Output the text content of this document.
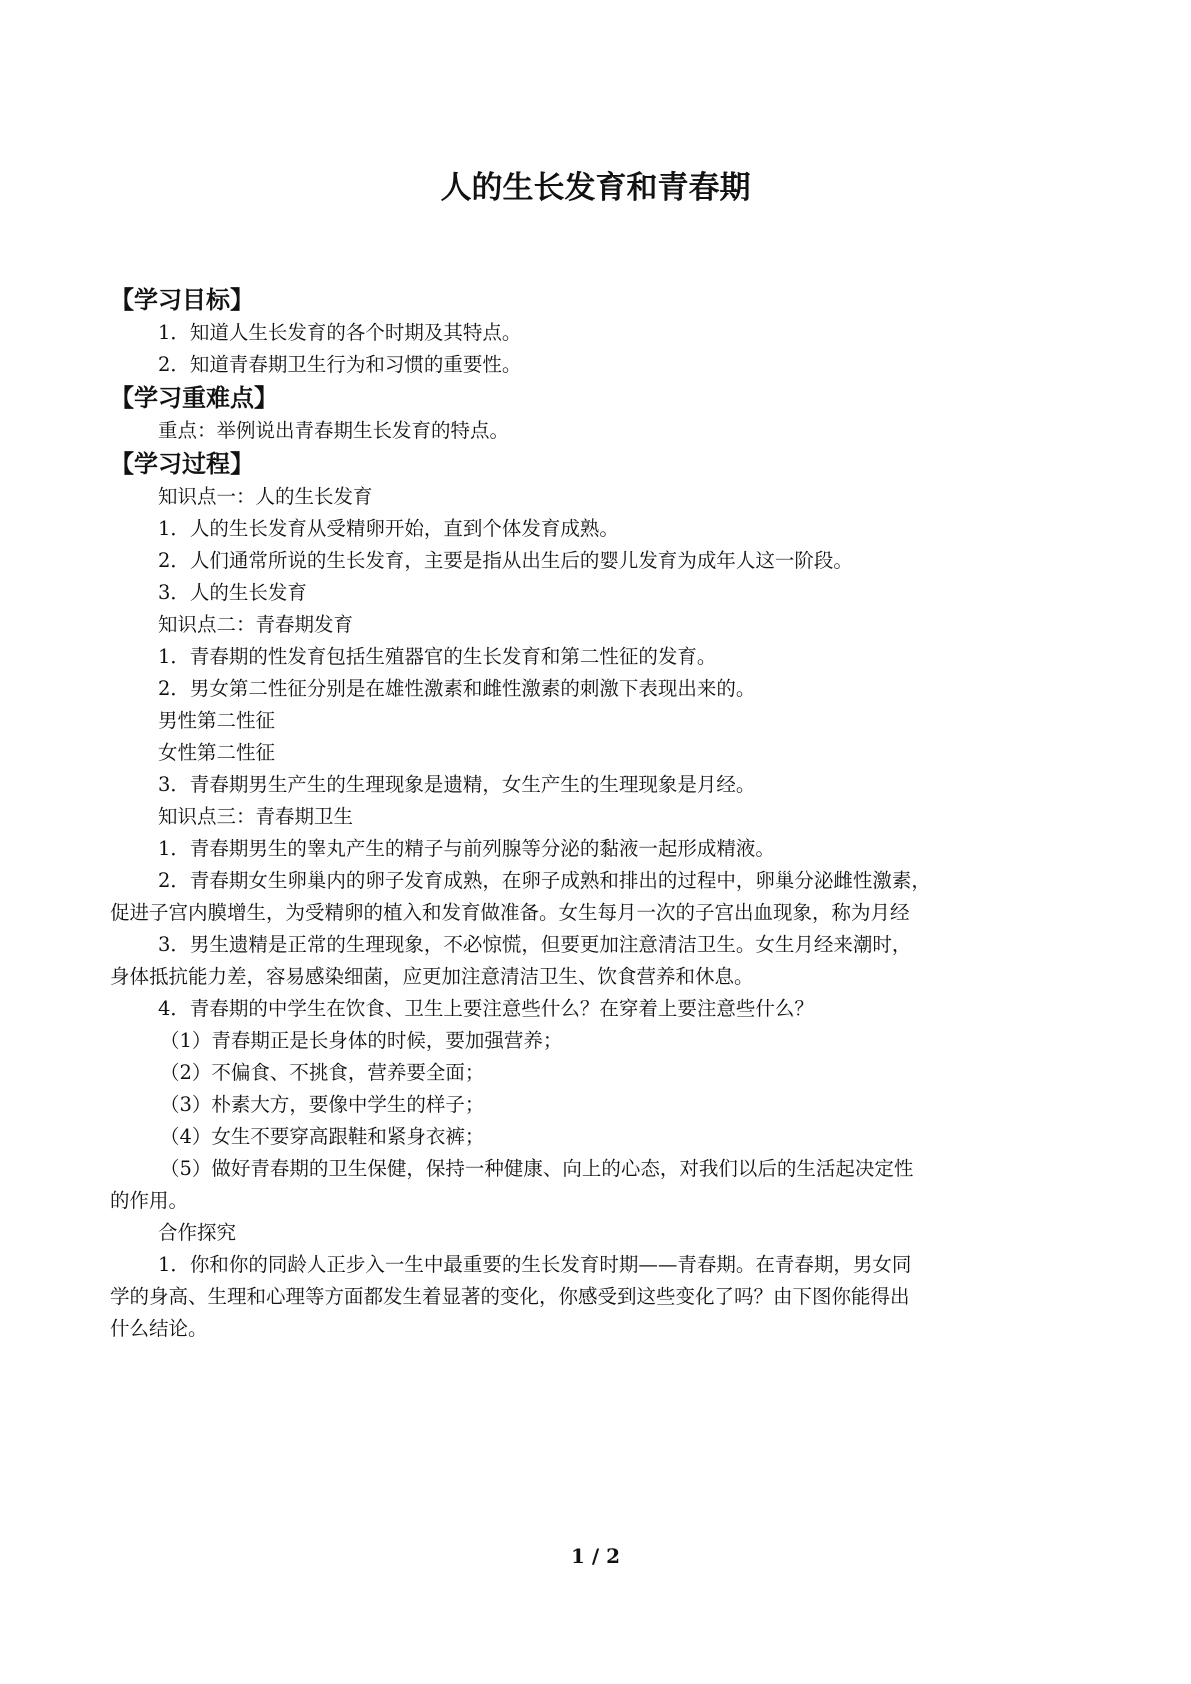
人的生长发育和青春期
【学习目标】
1．知道人生长发育的各个时期及其特点。
2．知道青春期卫生行为和习惯的重要性。
【学习重难点】
重点：举例说出青春期生长发育的特点。
【学习过程】
知识点一：人的生长发育
1．人的生长发育从受精卵开始，直到个体发育成熟。
2．人们通常所说的生长发育，主要是指从出生后的婴儿发育为成年人这一阶段。
3．人的生长发育
知识点二：青春期发育
1．青春期的性发育包括生殖器官的生长发育和第二性征的发育。
2．男女第二性征分别是在雄性激素和雌性激素的刺激下表现出来的。
男性第二性征
女性第二性征
3．青春期男生产生的生理现象是遗精，女生产生的生理现象是月经。
知识点三：青春期卫生
1．青春期男生的睾丸产生的精子与前列腺等分泌的黏液一起形成精液。
2．青春期女生卵巢内的卵子发育成熟，在卵子成熟和排出的过程中，卵巢分泌雌性激素，
促进子宫内膜增生，为受精卵的植入和发育做准备。女生每月一次的子宫出血现象，称为月经
3．男生遗精是正常的生理现象，不必惊慌，但要更加注意清洁卫生。女生月经来潮时，
身体抵抗能力差，容易感染细菌，应更加注意清洁卫生、饮食营养和休息。
4．青春期的中学生在饮食、卫生上要注意些什么？在穿着上要注意些什么？
（1）青春期正是长身体的时候，要加强营养；
（2）不偏食、不挑食，营养要全面；
（3）朴素大方，要像中学生的样子；
（4）女生不要穿高跟鞋和紧身衣裤；
（5）做好青春期的卫生保健，保持一种健康、向上的心态，对我们以后的生活起决定性
的作用。
合作探究
1．你和你的同龄人正步入一生中最重要的生长发育时期——青春期。在青春期，男女同
学的身高、生理和心理等方面都发生着显著的变化，你感受到这些变化了吗？由下图你能得出
什么结论。
1 / 2
